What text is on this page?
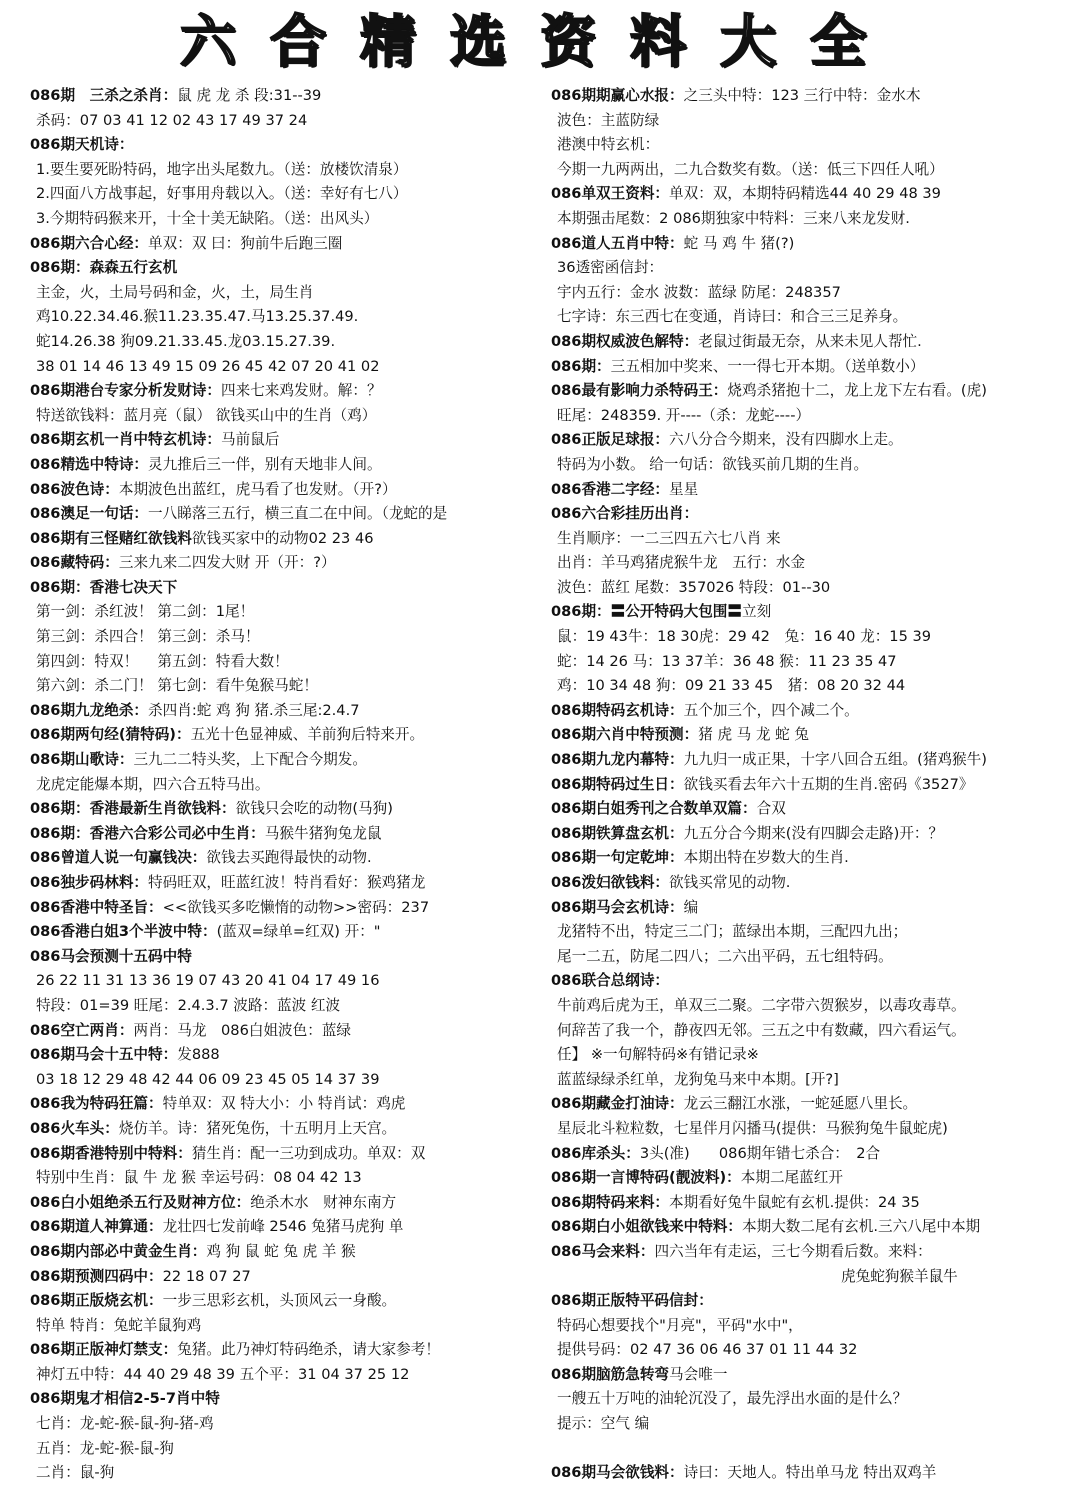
六合精选资料大全
086期　三杀之杀肖：鼠 虎 龙 杀 段:31--39
杀码：07 03 41 12 02 43 17 49 37 24
086期天机诗：
1.要生要死盼特码，地字出头尾数九。（送：放楼饮清泉）
2.四面八方战事起，好事用舟载以入。（送：幸好有七八）
3.今期特码猴来开，十全十美无缺陷。（送：出风头）
086期六合心经：单双：双 曰：狗前牛后跑三圈
086期：森森五行玄机
主金，火，土局号码和金，火，土，局生肖
鸡10.22.34.46.猴11.23.35.47.马13.25.37.49.
蛇14.26.38 狗09.21.33.45.龙03.15.27.39.
38 01 14 46 13 49 15 09 26 45 42 07 20 41 02
086期港台专家分析发财诗：四来七来鸡发财。解：？
特送欲钱料：蓝月亮（鼠） 欲钱买山中的生肖（鸡）
086期玄机一肖中特玄机诗：马前鼠后
086精选中特诗：灵九推后三一伴，别有天地非人间。
086波色诗：本期波色出蓝红，虎马看了也发财。（开?）
086澳足一句话：一八睇落三五行，横三直二在中间。（龙蛇的是
086期有三怪赌红欲钱料欲钱买家中的动物02 23 46
086藏特码：三来九来二四发大财 开（开：?）
086期：香港七决天下
第一剑：杀红波！ 第二剑：1尾！
第三剑：杀四合！ 第三剑：杀马！
第四剑：特双！　 第五剑：特看大数！
第六剑：杀二门！ 第七剑：看牛兔猴马蛇！
086期九龙绝杀：杀四肖:蛇 鸡 狗 猪.杀三尾:2.4.7
086期两句经(猜特码)：五光十色显神威、羊前狗后特来开。
086期山歌诗：三九二二特头奖，上下配合今期发。
龙虎定能爆本期，四六合五特马出。
086期：香港最新生肖欲钱料：欲钱只会吃的动物(马狗)
086期：香港六合彩公司必中生肖：马猴牛猪狗兔龙鼠
086曾道人说一句赢钱决：欲钱去买跑得最快的动物.
086独步码林料：特码旺双，旺蓝红波！特肖看好：猴鸡猪龙
086香港中特圣旨：<<欲钱买多吃懒惰的动物>>密码：237
086香港白姐3个半波中特：(蓝双=绿单=红双) 开："
086马会预测十五码中特
26 22 11 31 13 36 19 07 43 20 41 04 17 49 16
特段：01=39 旺尾：2.4.3.7 波路：蓝波 红波
086空亡两肖：两肖：马龙　086白姐波色：蓝绿
086期马会十五中特：发888
03 18 12 29 48 42 44 06 09 23 45 05 14 37 39
086我为特码狂篇：特单双：双 特大小：小 特肖试：鸡虎
086火车头：烧仿羊。诗：猪死兔伤，十五明月上天宫。
086期香港特别中特料：猜生肖：配一三功到成功。单双：双
特别中生肖：鼠 牛 龙 猴 幸运号码：08 04 42 13
086白小姐绝杀五行及财神方位：绝杀木水　财神东南方
086期道人神算通：龙壮四七发前峰 2546 兔猪马虎狗 单
086期内部必中黄金生肖：鸡 狗 鼠 蛇 兔 虎 羊 猴
086期预测四码中：22 18 07 27
086期正版烧玄机：一步三思彩玄机，头顶风云一身酸。
特单 特肖：兔蛇羊鼠狗鸡
086期正版神灯禁支：兔猪。此乃神灯特码绝杀，请大家参考！
神灯五中特：44 40 29 48 39 五个平：31 04 37 25 12
086期鬼才相信2-5-7肖中特
七肖：龙-蛇-猴-鼠-狗-猪-鸡
五肖：龙-蛇-猴-鼠-狗
二肖：鼠-狗
086期期赢心水报：之三头中特：123 三行中特：金水木
波色：主蓝防绿
港澳中特玄机：
今期一九两两出，二九合数奖有数。（送：低三下四任人吼）
086单双王资料：单双：双，本期特码精选44 40 29 48 39
本期强击尾数：2 086期独家中特料：三来八来龙发财.
086道人五肖中特：蛇 马 鸡 牛 猪(?)
36透密函信封：
宇内五行：金水 波数：蓝绿 防尾：248357
七字诗：东三西七在变通，肖诗曰：和合三三足养身。
086期权威波色解特：老鼠过街最无奈，从来未见人帮忙.
086期：三五相加中奖来、一一得七开本期。（送单数小）
086最有影响力杀特码王：烧鸡杀猪抱十二，龙上龙下左右看。(虎)
旺尾：248359. 开----（杀：龙蛇----）
086正版足球报：六八分合今期来，没有四脚水上走。
特码为小数。 给一句话：欲钱买前几期的生肖。
086香港二字经：星星
086六合彩挂历出肖：
生肖顺序：一二三四五六七八肖 来
出肖：羊马鸡猪虎猴牛龙　五行：水金
波色：蓝红 尾数：357026 特段：01--30
086期：〓公开特码大包围〓立刻
鼠：19 43牛：18 30虎：29 42　兔：16 40 龙：15 39
蛇：14 26 马：13 37羊：36 48 猴：11 23 35 47
鸡：10 34 48 狗：09 21 33 45　猪：08 20 32 44
086期特码玄机诗：五个加三个，四个减二个。
086期六肖中特预测：猪 虎 马 龙 蛇 兔
086期九龙内幕特：九九归一成正果，十字八回合五组。(猪鸡猴牛)
086期特码过生日：欲钱买看去年六十五期的生肖.密码《3527》
086期白姐秀刊之合数单双篇：合双
086期铁算盘玄机：九五分合今期来(没有四脚会走路)开：？
086期一句定乾坤：本期出特在岁数大的生肖.
086泼妇欲钱料：欲钱买常见的动物.
086期马会玄机诗：编
龙猪特不出，特定三二门；蓝绿出本期，三配四九出；
尾一二五，防尾二四八；二六出平码，五七组特码。
086联合总纲诗：
牛前鸡后虎为王，单双三二聚。二字带六贺猴岁，以毒攻毒草。
何辞苦了我一个，静夜四无邻。三五之中有数藏，四六看运气。
任】 ※一句解特码※有错记录※
蓝蓝绿绿杀红单，龙狗兔马来中本期。[开?]
086期藏金打油诗：龙云三翻江水涨，一蛇延愿八里长。
星辰北斗粒粒数，七星伴月闪播马(提供：马猴狗兔牛鼠蛇虎)
086库杀头：3头(准)　　086期年错七杀合：　2合
086期一言博特码(靓波料)：本期二尾蓝红开
086期特码来料：本期看好兔牛鼠蛇有玄机.提供：24 35
086期白小姐欲钱来中特料：本期大数二尾有玄机.三六八尾中本期
086马会来料：四六当年有走运，三七今期看后数。来料：
虎兔蛇狗猴羊鼠牛
086期正版特平码信封：
特码心想要找个"月亮"，平码"水中"，
提供号码：02 47 36 06 46 37 01 11 44 32
086期脑筋急转弯马会唯一
一艘五十万吨的油轮沉没了，最先浮出水面的是什么？
提示：空气 编
086期马会欲钱料：诗曰：天地人。特出单马龙 特出双鸡羊
